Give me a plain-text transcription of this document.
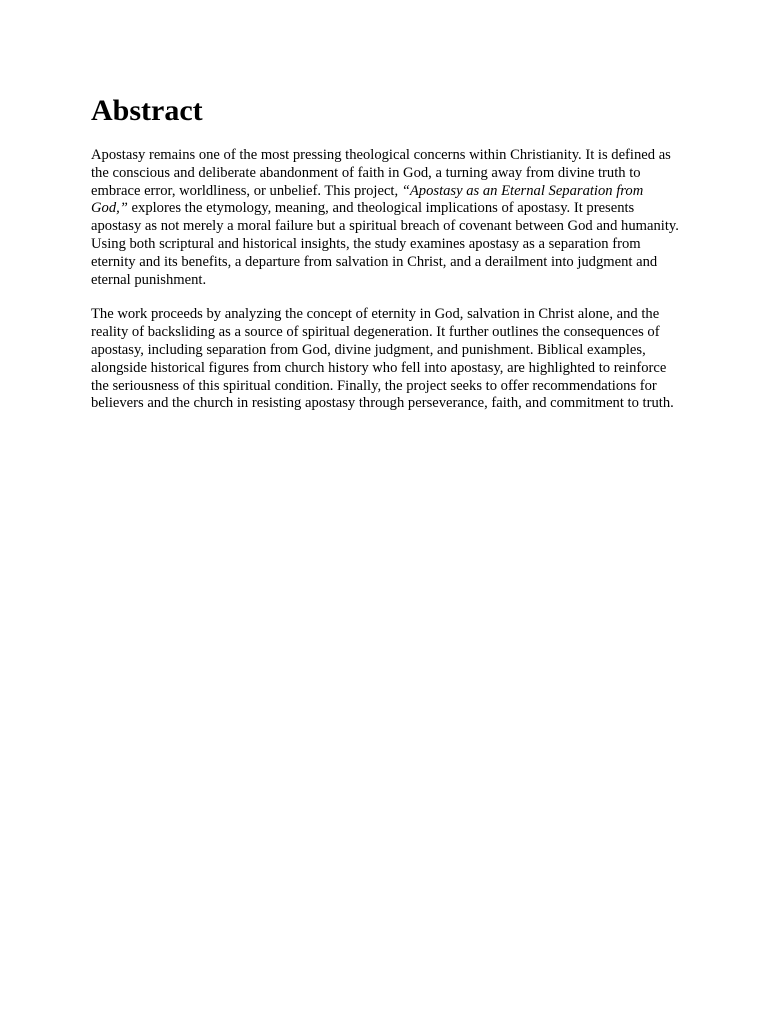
Abstract

Apostasy remains one of the most pressing theological concerns within Christianity. It is defined as the conscious and deliberate abandonment of faith in God, a turning away from divine truth to embrace error, worldliness, or unbelief. This project, “Apostasy as an Eternal Separation from God,” explores the etymology, meaning, and theological implications of apostasy. It presents apostasy as not merely a moral failure but a spiritual breach of covenant between God and humanity. Using both scriptural and historical insights, the study examines apostasy as a separation from eternity and its benefits, a departure from salvation in Christ, and a derailment into judgment and eternal punishment.

The work proceeds by analyzing the concept of eternity in God, salvation in Christ alone, and the reality of backsliding as a source of spiritual degeneration. It further outlines the consequences of apostasy, including separation from God, divine judgment, and punishment. Biblical examples, alongside historical figures from church history who fell into apostasy, are highlighted to reinforce the seriousness of this spiritual condition. Finally, the project seeks to offer recommendations for believers and the church in resisting apostasy through perseverance, faith, and commitment to truth.
